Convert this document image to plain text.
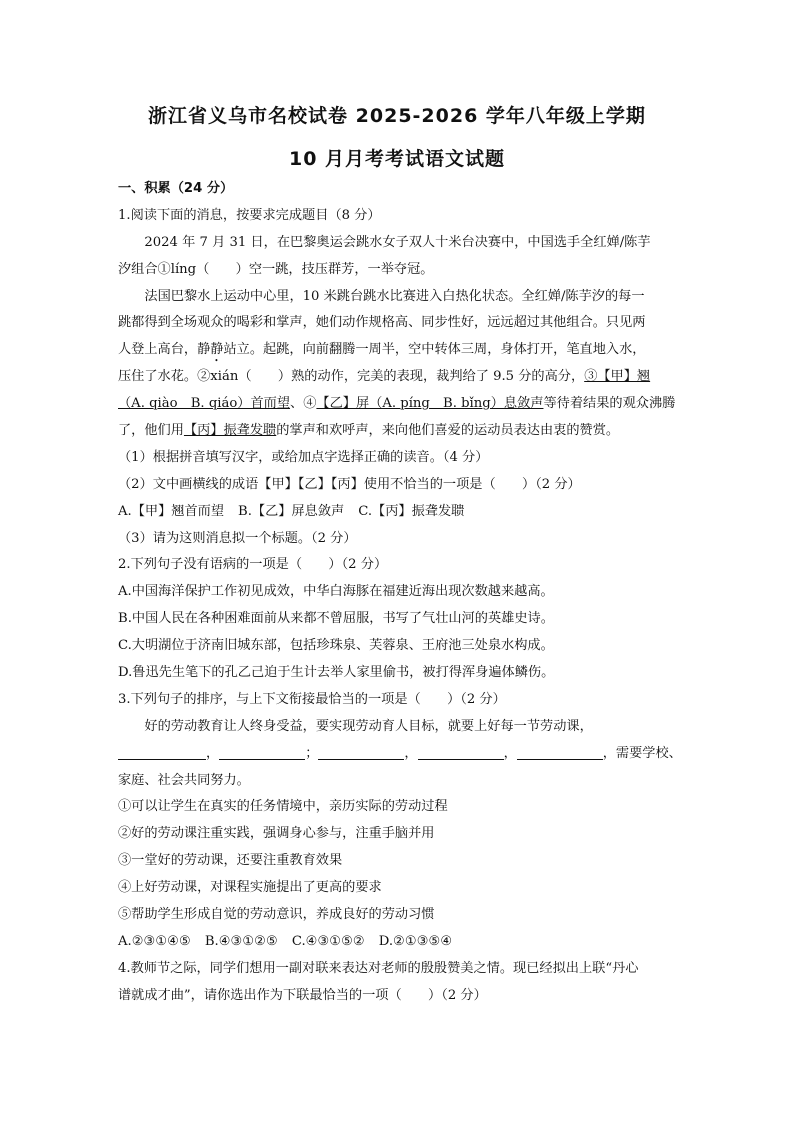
浙江省义乌市名校试卷 2025-2026 学年八年级上学期
10 月月考考试语文试题
一、积累（24 分）
1.阅读下面的消息，按要求完成题目（8 分）
2024 年 7 月 31 日，在巴黎奥运会跳水女子双人十米台决赛中，中国选手全红婵/陈芋
汐组合①líng（　　）空一跳，技压群芳，一举夺冠。
法国巴黎水上运动中心里，10 米跳台跳水比赛进入白热化状态。全红婵/陈芋汐的每一
跳都得到全场观众的喝彩和掌声，她们动作规格高、同步性好，远远超过其他组合。只见两
人登上高台，静静站立。起跳，向前翻腾一周半，空中转体三周，身体打开，笔直地入水，
压住了水花。②xián（　　）熟的动作，完美的表现，裁判给了 9.5 分的高分，③【甲】翘
（A. qiào　B. qiáo）首而望、④【乙】屏（A. píng　B. bǐng）息敛声等待着结果的观众沸腾
了，他们用【丙】振聋发聩的掌声和欢呼声，来向他们喜爱的运动员表达由衷的赞赏。
（1）根据拼音填写汉字，或给加点字选择正确的读音。（4 分）
（2）文中画横线的成语【甲】【乙】【丙】使用不恰当的一项是（　　）（2 分）
A.【甲】翘首而望 B.【乙】屏息敛声 C.【丙】振聋发聩
（3）请为这则消息拟一个标题。（2 分）
2.下列句子没有语病的一项是（　　）（2 分）
A.中国海洋保护工作初见成效，中华白海豚在福建近海出现次数越来越高。
B.中国人民在各种困难面前从来都不曾屈服，书写了气壮山河的英雄史诗。
C.大明湖位于济南旧城东部，包括珍珠泉、芙蓉泉、王府池三处泉水构成。
D.鲁迅先生笔下的孔乙己迫于生计去举人家里偷书，被打得浑身遍体鳞伤。
3.下列句子的排序，与上下文衔接最恰当的一项是（　　）（2 分）
好的劳动教育让人终身受益，要实现劳动育人目标，就要上好每一节劳动课，
，	；	，	，	，需要学校、
家庭、社会共同努力。
①可以让学生在真实的任务情境中，亲历实际的劳动过程
②好的劳动课注重实践，强调身心参与，注重手脑并用
③一堂好的劳动课，还要注重教育效果
④上好劳动课，对课程实施提出了更高的要求
⑤帮助学生形成自觉的劳动意识，养成良好的劳动习惯
A.②③①④⑤ B.④③①②⑤ C.④③①⑤② D.②①③⑤④
4.教师节之际，同学们想用一副对联来表达对老师的殷殷赞美之情。现已经拟出上联“丹心
谱就成才曲”，请你选出作为下联最恰当的一项（　　）（2 分）
